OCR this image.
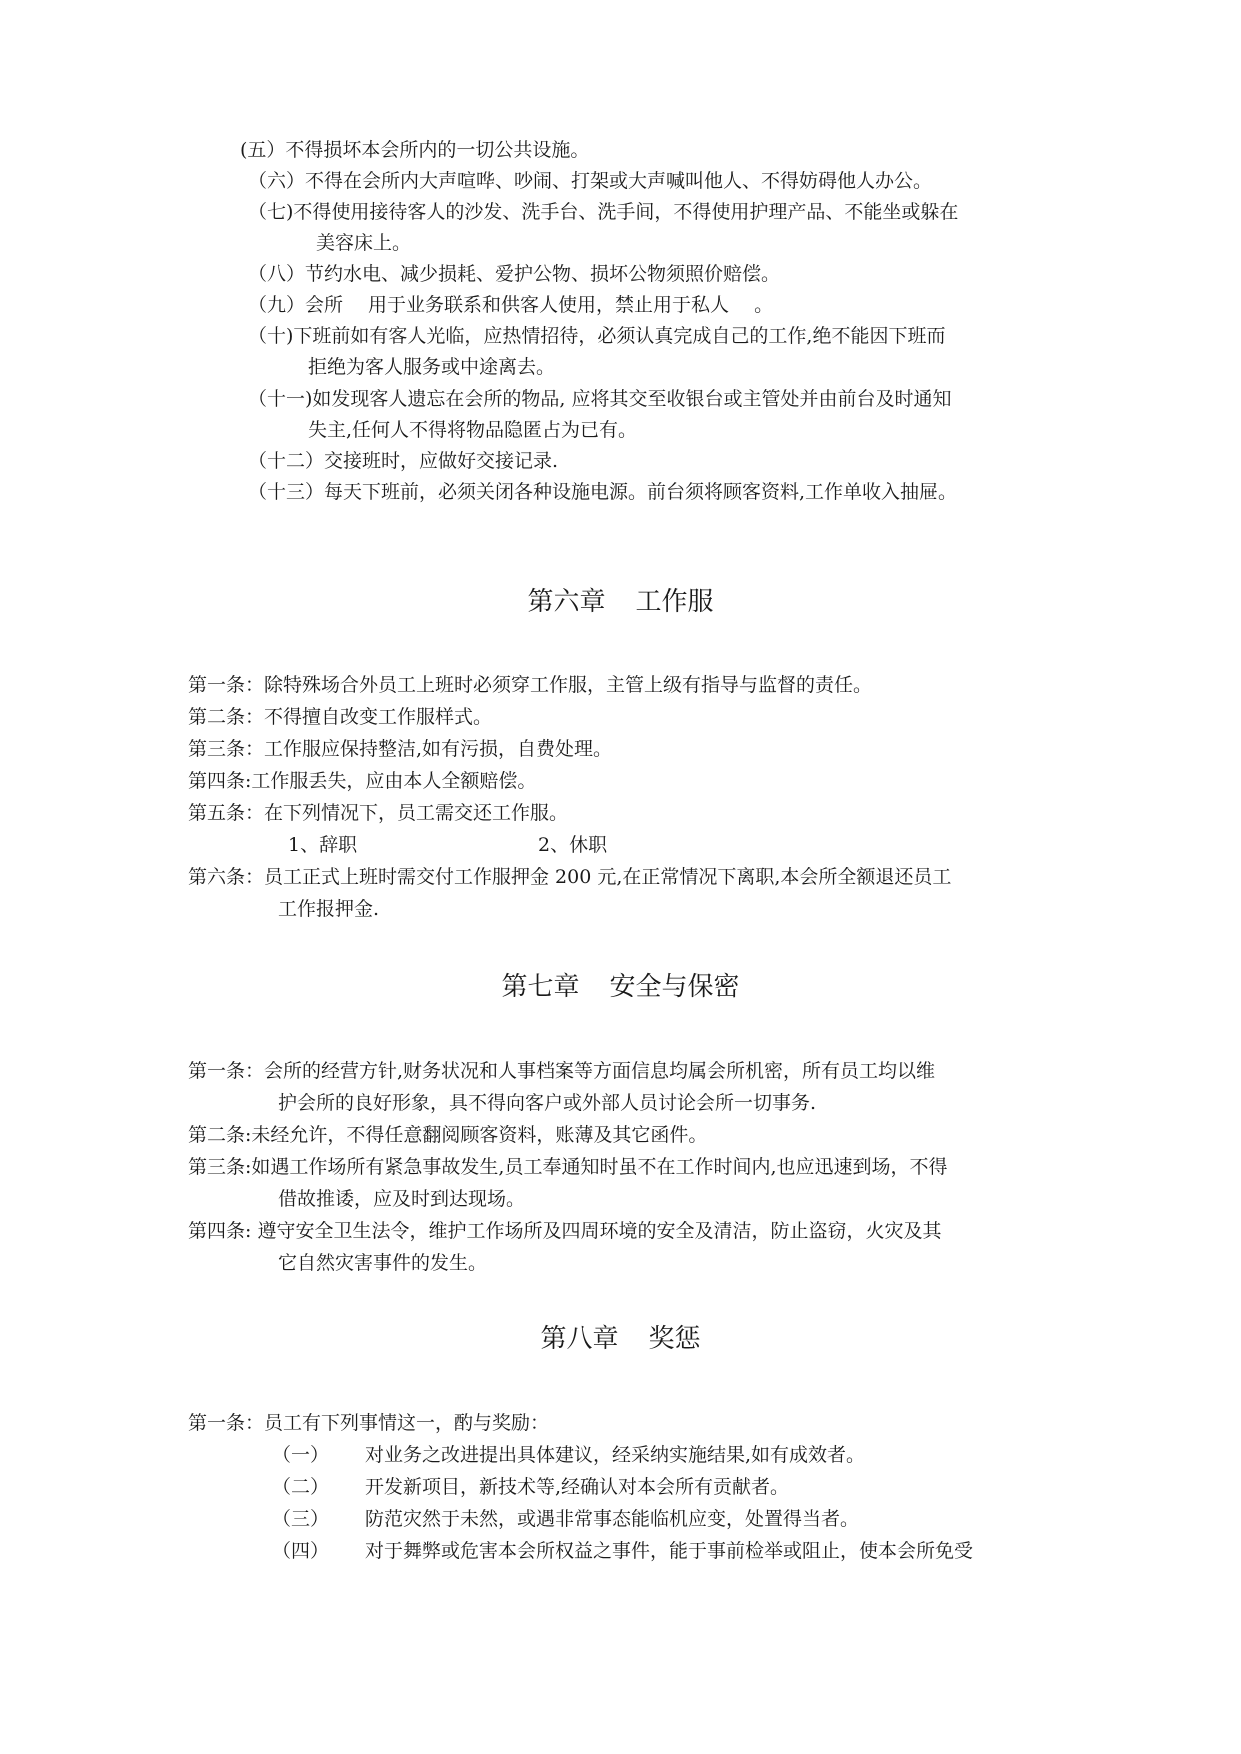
(五）不得损坏本会所内的一切公共设施。
（六）不得在会所内大声喧哗、吵闹、打架或大声喊叫他人、不得妨碍他人办公。
（七)不得使用接待客人的沙发、洗手台、洗手间，不得使用护理产品、不能坐或躲在
美容床上。
（八）节约水电、减少损耗、爱护公物、损坏公物须照价赔偿。
（九）会所　 用于业务联系和供客人使用，禁止用于私人　 。
（十)下班前如有客人光临，应热情招待，必须认真完成自己的工作,绝不能因下班而
拒绝为客人服务或中途离去。
（十一)如发现客人遗忘在会所的物品, 应将其交至收银台或主管处并由前台及时通知
失主,任何人不得将物品隐匿占为已有。
（十二）交接班时，应做好交接记录.
（十三）每天下班前，必须关闭各种设施电源。前台须将顾客资料,工作单收入抽屉。
第六章 工作服
第一条：除特殊场合外员工上班时必须穿工作服，主管上级有指导与监督的责任。
第二条：不得擅自改变工作服样式。
第三条：工作服应保持整洁,如有污损，自费处理。
第四条:工作服丢失，应由本人全额赔偿。
第五条：在下列情况下，员工需交还工作服。
1、辞职	2、休职
第六条：员工正式上班时需交付工作服押金 200 元,在正常情况下离职,本会所全额退还员工
工作报押金.
第七章 安全与保密
第一条：会所的经营方针,财务状况和人事档案等方面信息均属会所机密，所有员工均以维
护会所的良好形象，具不得向客户或外部人员讨论会所一切事务.
第二条:未经允许，不得任意翻阅顾客资料，账薄及其它函件。
第三条:如遇工作场所有紧急事故发生,员工奉通知时虽不在工作时间内,也应迅速到场，不得
借故推诿，应及时到达现场。
第四条: 遵守安全卫生法令，维护工作场所及四周环境的安全及清洁，防止盗窃，火灾及其
它自然灾害事件的发生。
第八章 奖惩
第一条：员工有下列事情这一，酌与奖励：
（一） 对业务之改进提出具体建议，经采纳实施结果,如有成效者。
（二） 开发新项目，新技术等,经确认对本会所有贡献者。
（三） 防范灾然于未然，或遇非常事态能临机应变，处置得当者。
（四） 对于舞弊或危害本会所权益之事件，能于事前检举或阻止，使本会所免受
